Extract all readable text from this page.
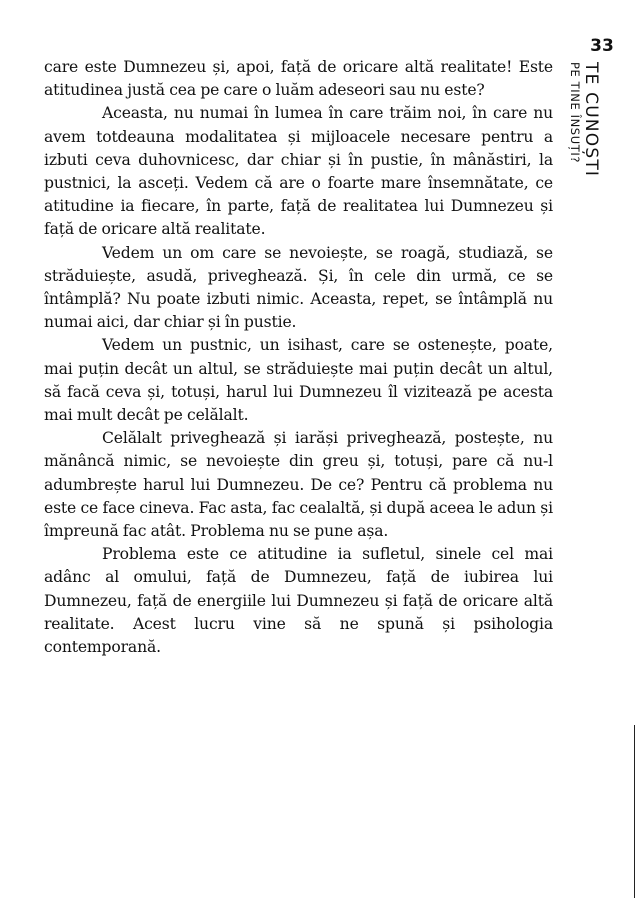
33
TE CUNOȘTI
PE TINE ÎNSUȚI?

care este Dumnezeu și, apoi, față de oricare altă realitate! Este atitudinea justă cea pe care o luăm adeseori sau nu este?

Aceasta, nu numai în lumea în care trăim noi, în care nu avem totdeauna modalitatea și mijloacele necesare pentru a izbuti ceva duhovnicesc, dar chiar și în pustie, în mânăstiri, la pustnici, la asceți. Vedem că are o foarte mare însemnătate, ce atitudine ia fiecare, în parte, față de realitatea lui Dumnezeu și față de oricare altă realitate.

Vedem un om care se nevoiește, se roagă, studiază, se străduiește, asudă, priveghează. Și, în cele din urmă, ce se întâmplă? Nu poate izbuti nimic. Aceasta, repet, se întâmplă nu numai aici, dar chiar și în pustie.

Vedem un pustnic, un isihast, care se ostenește, poate, mai puțin decât un altul, se străduiește mai puțin decât un altul, să facă ceva și, totuși, harul lui Dumnezeu îl vizitează pe acesta mai mult decât pe celălalt.

Celălalt priveghează și iarăși priveghează, postește, nu mănâncă nimic, se nevoiește din greu și, totuși, pare că nu-l adumbrește harul lui Dumnezeu. De ce? Pentru că problema nu este ce face cineva. Fac asta, fac cealaltă, și după aceea le adun și împreună fac atât. Problema nu se pune așa.

Problema este ce atitudine ia sufletul, sinele cel mai adânc al omului, față de Dumnezeu, față de iubirea lui Dumnezeu, față de energiile lui Dumnezeu și față de oricare altă realitate. Acest lucru vine să ne spună și psihologia contemporană.
